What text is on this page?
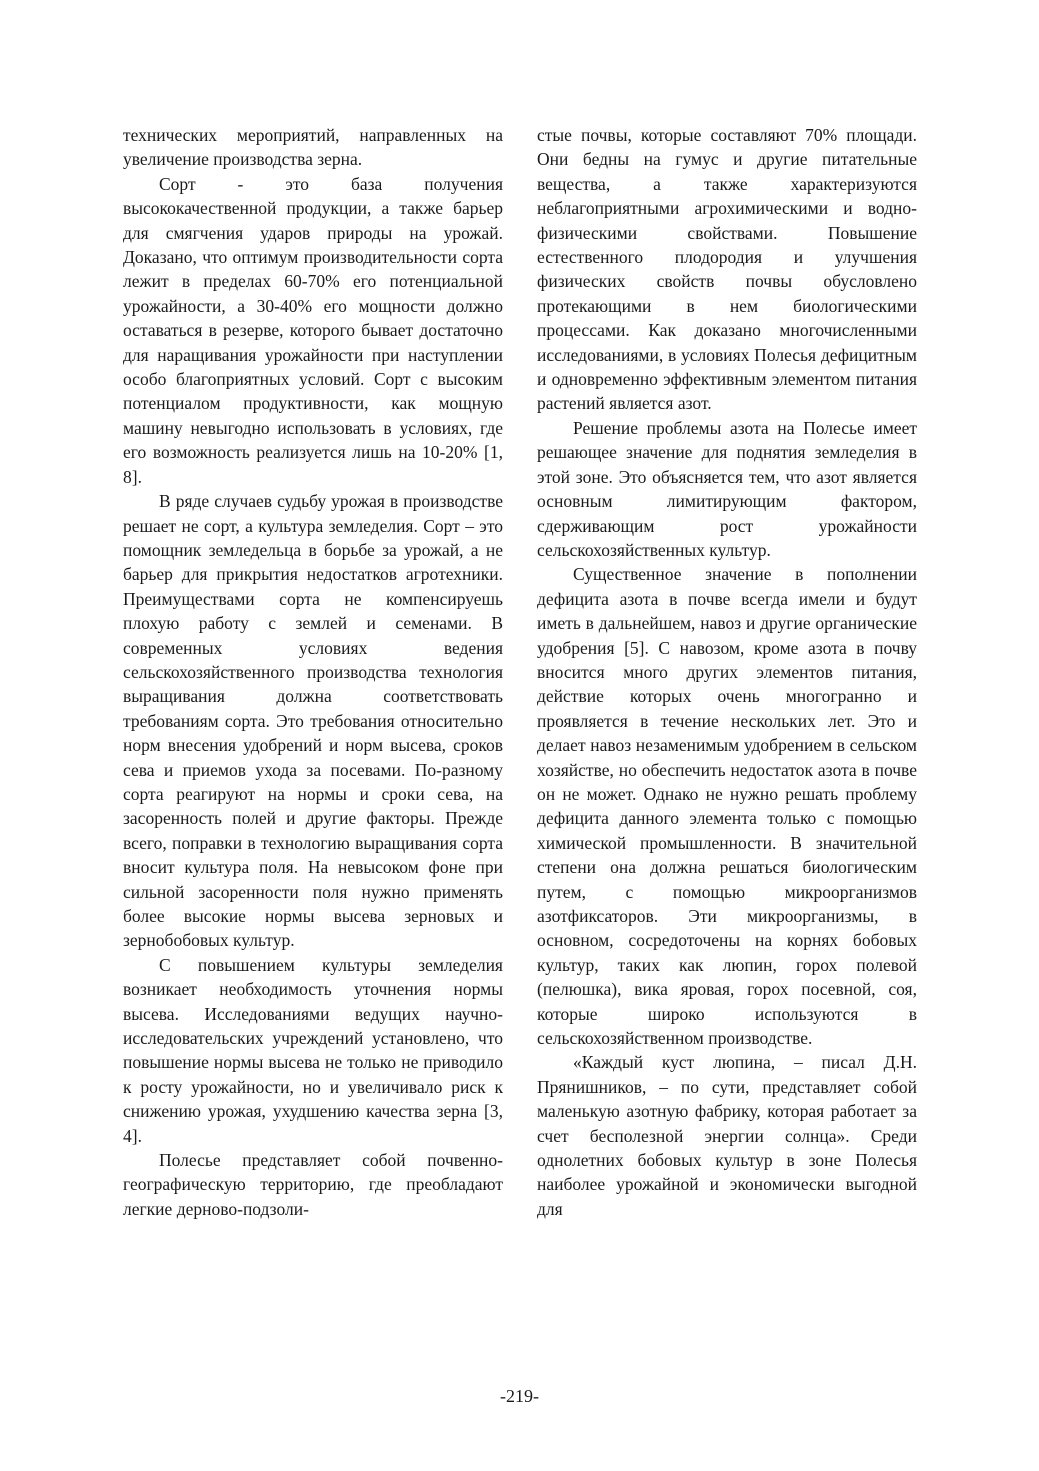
технических мероприятий, направленных на увеличение производства зерна.

Сорт - это база получения высококачественной продукции, а также барьер для смягчения ударов природы на урожай. Доказано, что оптимум производительности сорта лежит в пределах 60-70% его потенциальной урожайности, а 30-40% его мощности должно оставаться в резерве, которого бывает достаточно для наращивания урожайности при наступлении особо благоприятных условий. Сорт с высоким потенциалом продуктивности, как мощную машину невыгодно использовать в условиях, где его возможность реализуется лишь на 10-20% [1, 8].

В ряде случаев судьбу урожая в производстве решает не сорт, а культура земледелия. Сорт – это помощник земледельца в борьбе за урожай, а не барьер для прикрытия недостатков агротехники. Преимуществами сорта не компенсируешь плохую работу с землей и семенами. В современных условиях ведения сельскохозяйственного производства технология выращивания должна соответствовать требованиям сорта. Это требования относительно норм внесения удобрений и норм высева, сроков сева и приемов ухода за посевами. По-разному сорта реагируют на нормы и сроки сева, на засоренность полей и другие факторы. Прежде всего, поправки в технологию выращивания сорта вносит культура поля. На невысоком фоне при сильной засоренности поля нужно применять более высокие нормы высева зерновых и зернобобовых культур.

С повышением культуры земледелия возникает необходимость уточнения нормы высева. Исследованиями ведущих научно-исследовательских учреждений установлено, что повышение нормы высева не только не приводило к росту урожайности, но и увеличивало риск к снижению урожая, ухудшению качества зерна [3, 4].

Полесье представляет собой почвенно-географическую территорию, где преобладают легкие дерново-подзоли-

стые почвы, которые составляют 70% площади. Они бедны на гумус и другие питательные вещества, а также характеризуются неблагоприятными агрохимическими и водно-физическими свойствами. Повышение естественного плодородия и улучшения физических свойств почвы обусловлено протекающими в нем биологическими процессами. Как доказано многочисленными исследованиями, в условиях Полесья дефицитным и одновременно эффективным элементом питания растений является азот.

Решение проблемы азота на Полесье имеет решающее значение для поднятия земледелия в этой зоне. Это объясняется тем, что азот является основным лимитирующим фактором, сдерживающим рост урожайности сельскохозяйственных культур.

Существенное значение в пополнении дефицита азота в почве всегда имели и будут иметь в дальнейшем, навоз и другие органические удобрения [5]. С навозом, кроме азота в почву вносится много других элементов питания, действие которых очень многогранно и проявляется в течение нескольких лет. Это и делает навоз незаменимым удобрением в сельском хозяйстве, но обеспечить недостаток азота в почве он не может. Однако не нужно решать проблему дефицита данного элемента только с помощью химической промышленности. В значительной степени она должна решаться биологическим путем, с помощью микроорганизмов азотфиксаторов. Эти микроорганизмы, в основном, сосредоточены на корнях бобовых культур, таких как люпин, горох полевой (пелюшка), вика яровая, горох посевной, соя, которые широко используются в сельскохозяйственном производстве.

«Каждый куст люпина, – писал Д.Н. Прянишников, – по сути, представляет собой маленькую азотную фабрику, которая работает за счет бесполезной энергии солнца». Среди однолетних бобовых культур в зоне Полесья наиболее урожайной и экономически выгодной для

-219-
